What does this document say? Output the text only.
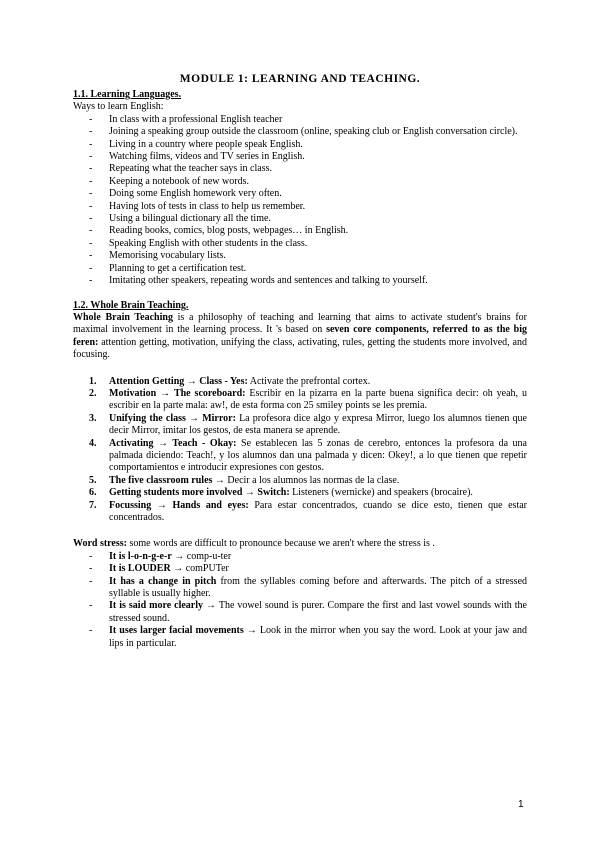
MODULE 1: LEARNING AND TEACHING.

1.1. Learning Languages.

Ways to learn English:

- In class with a professional English teacher
- Joining a speaking group outside the classroom (online, speaking club or English conversation circle).
- Living in a country where people speak English.
- Watching films, videos and TV series in English.
- Repeating what the teacher says in class.
- Keeping a notebook of new words.
- Doing some English homework very often.
- Having lots of tests in class to help us remember.
- Using a bilingual dictionary all the time.
- Reading books, comics, blog posts, webpages… in English.
- Speaking English with other students in the class.
- Memorising vocabulary lists.
- Planning to get a certification test.
- Imitating other speakers, repeating words and sentences and talking to yourself.

1.2. Whole Brain Teaching.

Whole Brain Teaching is a philosophy of teaching and learning that aims to activate student's brains for maximal involvement in the learning process. It 's based on seven core components, referred to as the big feren: attention getting, motivation, unifying the class, activating, rules, getting the students more involved, and focusing.

1. Attention Getting → Class - Yes: Activate the prefrontal cortex.
2. Motivation → The scoreboard: Escribir en la pizarra en la parte buena significa decir: oh yeah, u escribir en la parte mala: aw!, de esta forma con 25 smiley points se les premia.
3. Unifying the class → Mirror: La profesora dice algo y expresa Mirror, luego los alumnos tienen que decir Mirror, imitar los gestos, de esta manera se aprende.
4. Activating → Teach - Okay: Se establecen las 5 zonas de cerebro, entonces la profesora da una palmada diciendo: Teach!, y los alumnos dan una palmada y dicen: Okey!, a lo que tienen que repetir comportamientos e introducir expresiones con gestos.
5. The five classroom rules → Decir a los alumnos las normas de la clase.
6. Getting students more involved → Switch: Listeners (wernicke) and speakers (brocaire).
7. Focussing → Hands and eyes: Para estar concentrados, cuando se dice esto, tienen que estar concentrados.

Word stress: some words are difficult to pronounce because we aren't where the stress is .

- It is l-o-n-g-e-r → comp-u-ter
- It is LOUDER → comPUTer
- It has a change in pitch from the syllables coming before and afterwards. The pitch of a stressed syllable is usually higher.
- It is said more clearly → The vowel sound is purer. Compare the first and last vowel sounds with the stressed sound.
- It uses larger facial movements → Look in the mirror when you say the word. Look at your jaw and lips in particular.
1
